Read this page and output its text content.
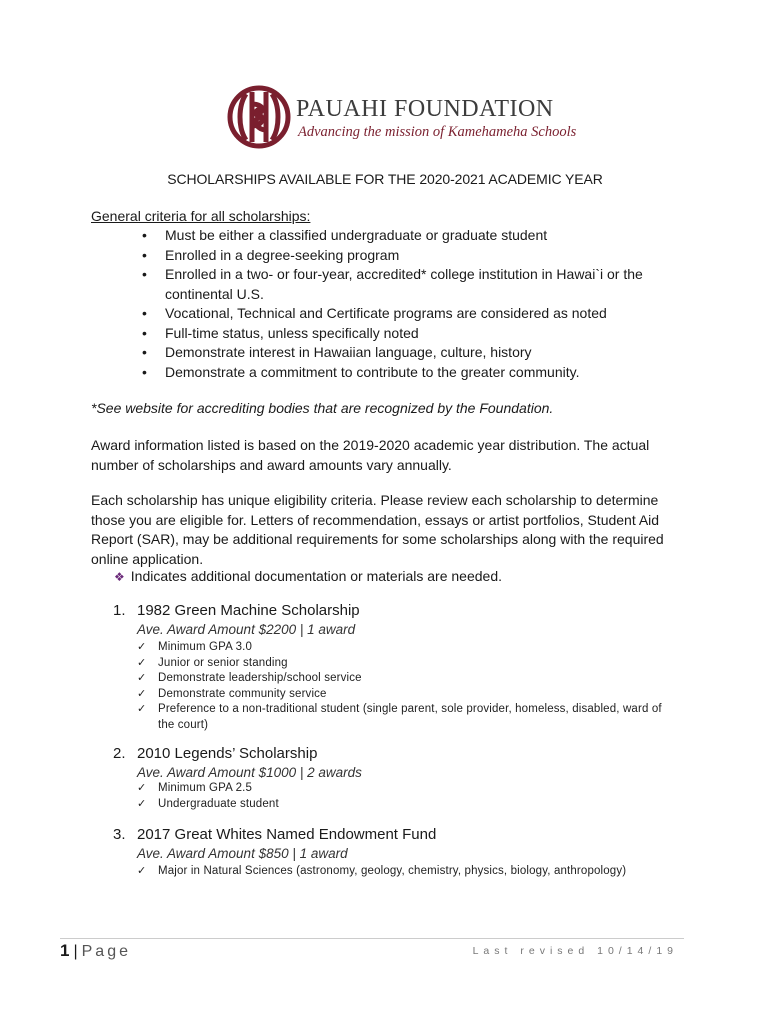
PAUAHI FOUNDATION
Advancing the mission of Kamehameha Schools
SCHOLARSHIPS AVAILABLE FOR THE 2020-2021 ACADEMIC YEAR
General criteria for all scholarships:
• Must be either a classified undergraduate or graduate student
• Enrolled in a degree-seeking program
• Enrolled in a two- or four-year, accredited* college institution in Hawai`i or the continental U.S.
• Vocational, Technical and Certificate programs are considered as noted
• Full-time status, unless specifically noted
• Demonstrate interest in Hawaiian language, culture, history
• Demonstrate a commitment to contribute to the greater community.
*See website for accrediting bodies that are recognized by the Foundation.
Award information listed is based on the 2019-2020 academic year distribution. The actual number of scholarships and award amounts vary annually.
Each scholarship has unique eligibility criteria. Please review each scholarship to determine those you are eligible for. Letters of recommendation, essays or artist portfolios, Student Aid Report (SAR), may be additional requirements for some scholarships along with the required online application.
❖ Indicates additional documentation or materials are needed.
1. 1982 Green Machine Scholarship
Ave. Award Amount $2200 | 1 award
✓ Minimum GPA 3.0
✓ Junior or senior standing
✓ Demonstrate leadership/school service
✓ Demonstrate community service
✓ Preference to a non-traditional student (single parent, sole provider, homeless, disabled, ward of the court)
2. 2010 Legends’ Scholarship
Ave. Award Amount $1000 | 2 awards
✓ Minimum GPA 2.5
✓ Undergraduate student
3. 2017 Great Whites Named Endowment Fund
Ave. Award Amount $850 | 1 award
✓ Major in Natural Sciences (astronomy, geology, chemistry, physics, biology, anthropology)
1 | Page	Last revised 10/14/19
